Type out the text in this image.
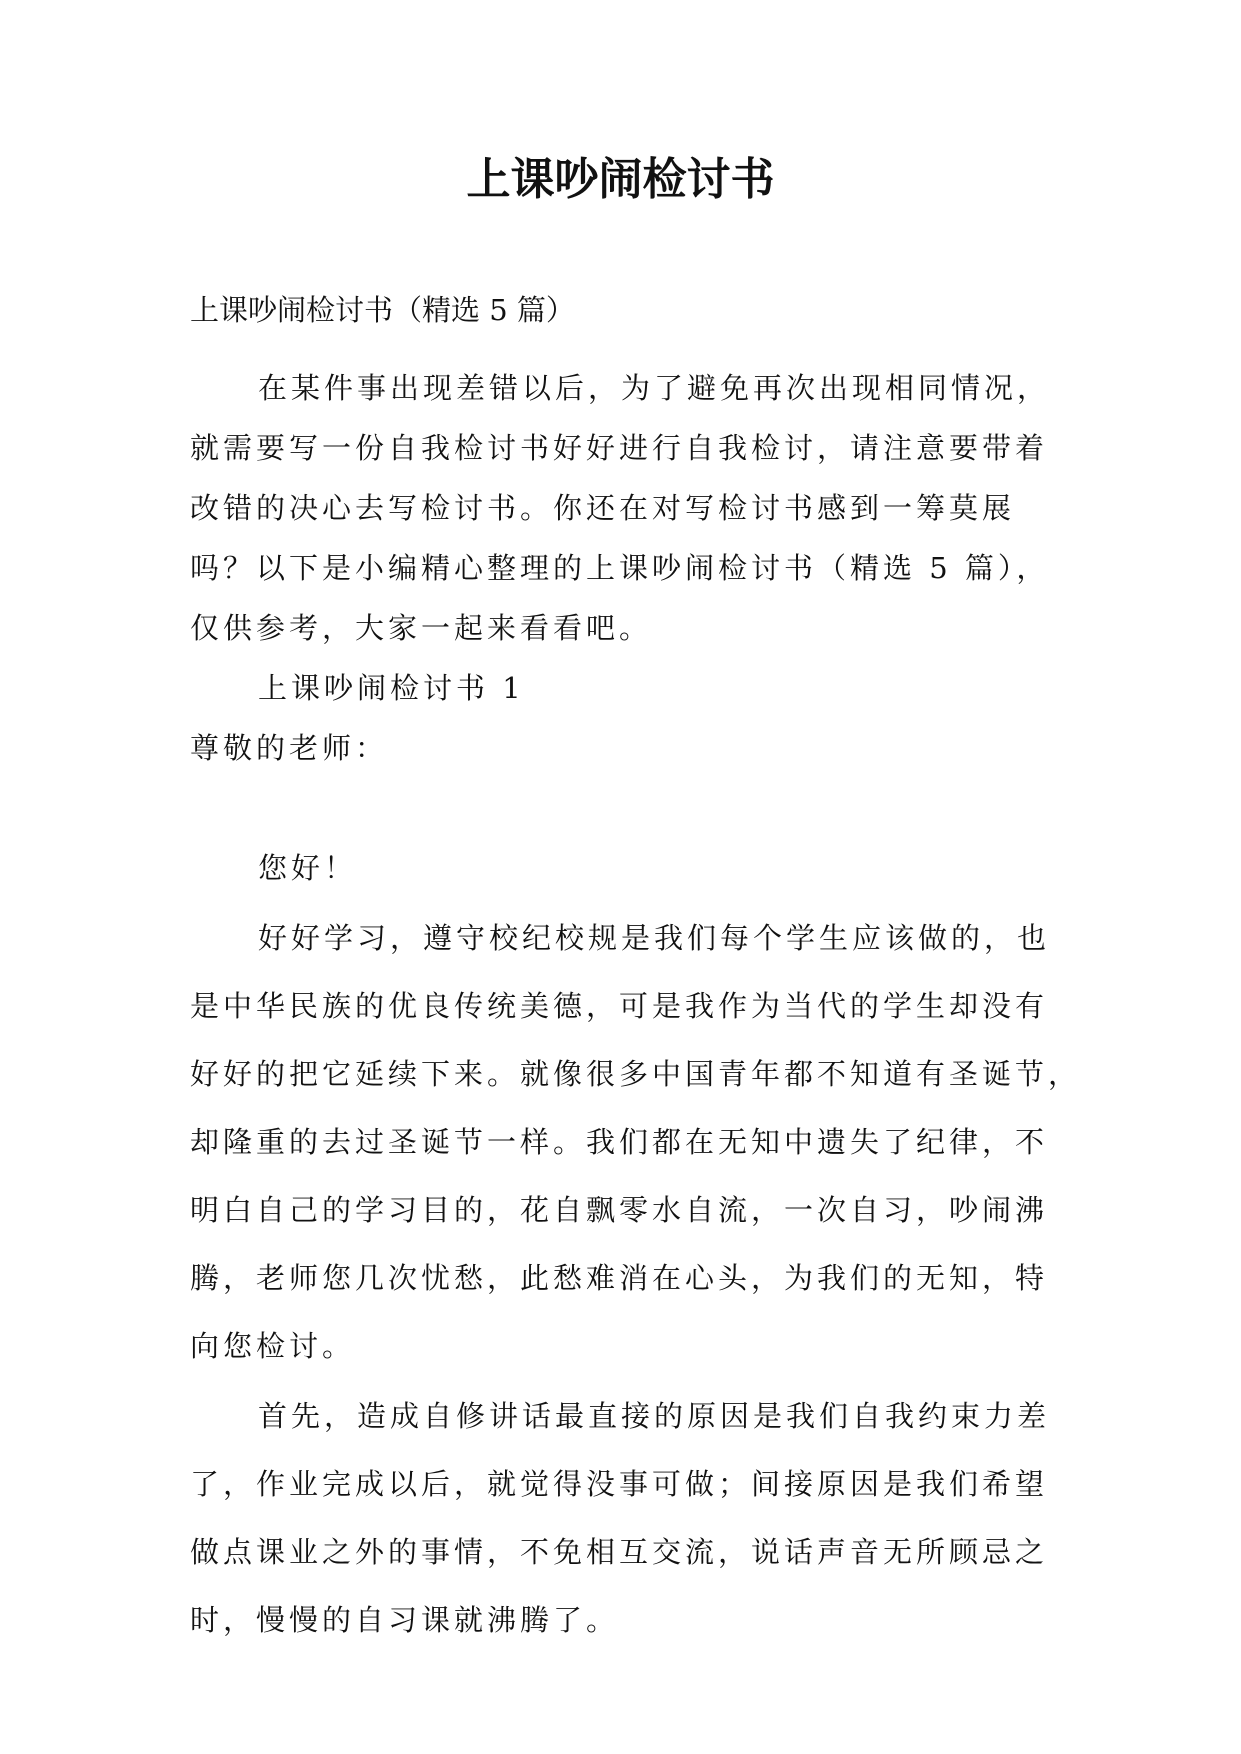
上课吵闹检讨书

上课吵闹检讨书（精选 5 篇）

在某件事出现差错以后，为了避免再次出现相同情况，

就需要写一份自我检讨书好好进行自我检讨，请注意要带着

改错的决心去写检讨书。你还在对写检讨书感到一筹莫展

吗？以下是小编精心整理的上课吵闹检讨书（精选 5 篇），

仅供参考，大家一起来看看吧。

上课吵闹检讨书 1

尊敬的老师：

您好！

好好学习，遵守校纪校规是我们每个学生应该做的，也

是中华民族的优良传统美德，可是我作为当代的学生却没有

好好的把它延续下来。就像很多中国青年都不知道有圣诞节，

却隆重的去过圣诞节一样。我们都在无知中遗失了纪律，不

明白自己的学习目的，花自飘零水自流，一次自习，吵闹沸

腾，老师您几次忧愁，此愁难消在心头，为我们的无知，特

向您检讨。

首先，造成自修讲话最直接的原因是我们自我约束力差

了，作业完成以后，就觉得没事可做；间接原因是我们希望

做点课业之外的事情，不免相互交流，说话声音无所顾忌之

时，慢慢的自习课就沸腾了。
